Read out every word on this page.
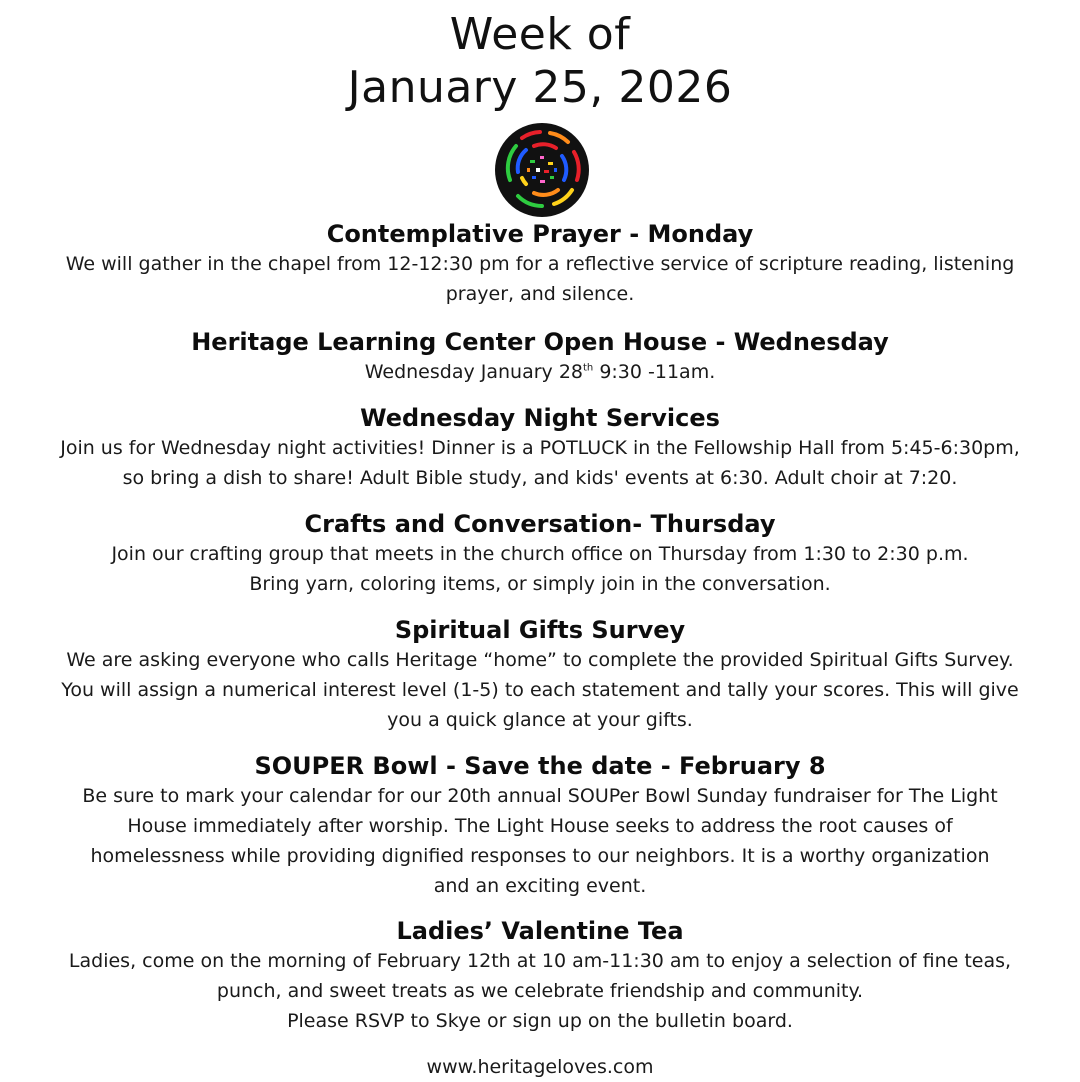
Week of
January 25, 2026
Contemplative Prayer - Monday

We will gather in the chapel from 12-12:30 pm for a reflective service of scripture reading, listening
prayer, and silence.

Heritage Learning Center Open House - Wednesday

Wednesday January 28th 9:30 -11am.

Wednesday Night Services

Join us for Wednesday night activities! Dinner is a POTLUCK in the Fellowship Hall from 5:45-6:30pm,
so bring a dish to share! Adult Bible study, and kids' events at 6:30. Adult choir at 7:20.

Crafts and Conversation- Thursday

Join our crafting group that meets in the church office on Thursday from 1:30 to 2:30 p.m.
Bring yarn, coloring items, or simply join in the conversation.

Spiritual Gifts Survey

We are asking everyone who calls Heritage “home” to complete the provided Spiritual Gifts Survey.
You will assign a numerical interest level (1-5) to each statement and tally your scores. This will give
you a quick glance at your gifts.

SOUPER Bowl - Save the date - February 8

Be sure to mark your calendar for our 20th annual SOUPer Bowl Sunday fundraiser for The Light
House immediately after worship. The Light House seeks to address the root causes of
homelessness while providing dignified responses to our neighbors. It is a worthy organization
and an exciting event.

Ladies’ Valentine Tea

Ladies, come on the morning of February 12th at 10 am-11:30 am to enjoy a selection of fine teas,
punch, and sweet treats as we celebrate friendship and community.
Please RSVP to Skye or sign up on the bulletin board.

www.heritageloves.com
